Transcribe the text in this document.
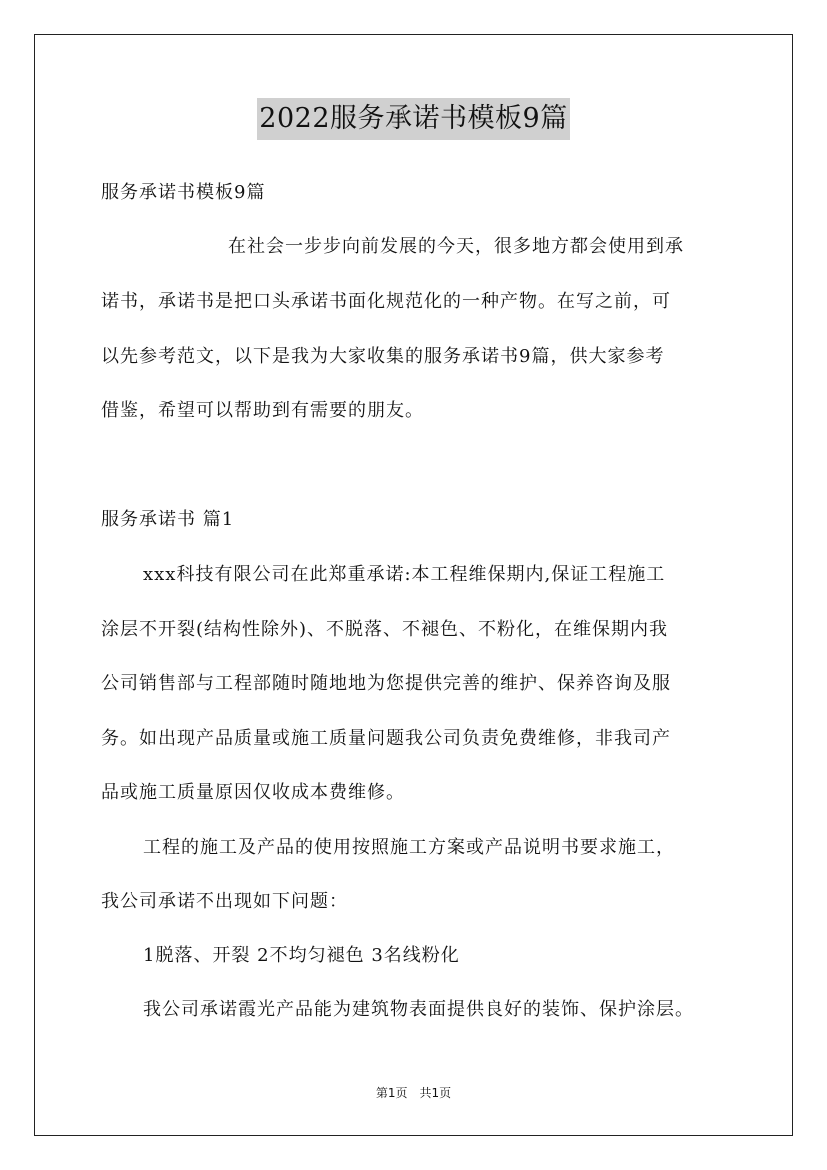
2022服务承诺书模板9篇
服务承诺书模板9篇
在社会一步步向前发展的今天，很多地方都会使用到承
诺书，承诺书是把口头承诺书面化规范化的一种产物。在写之前，可
以先参考范文，以下是我为大家收集的服务承诺书9篇，供大家参考
借鉴，希望可以帮助到有需要的朋友。
服务承诺书 篇1
xxx科技有限公司在此郑重承诺:本工程维保期内,保证工程施工
涂层不开裂(结构性除外)、不脱落、不褪色、不粉化，在维保期内我
公司销售部与工程部随时随地地为您提供完善的维护、保养咨询及服
务。如出现产品质量或施工质量问题我公司负责免费维修，非我司产
品或施工质量原因仅收成本费维修。
工程的施工及产品的使用按照施工方案或产品说明书要求施工，
我公司承诺不出现如下问题：
1脱落、开裂 2不均匀褪色 3名线粉化
我公司承诺霞光产品能为建筑物表面提供良好的装饰、保护涂层。
第1页　共1页
